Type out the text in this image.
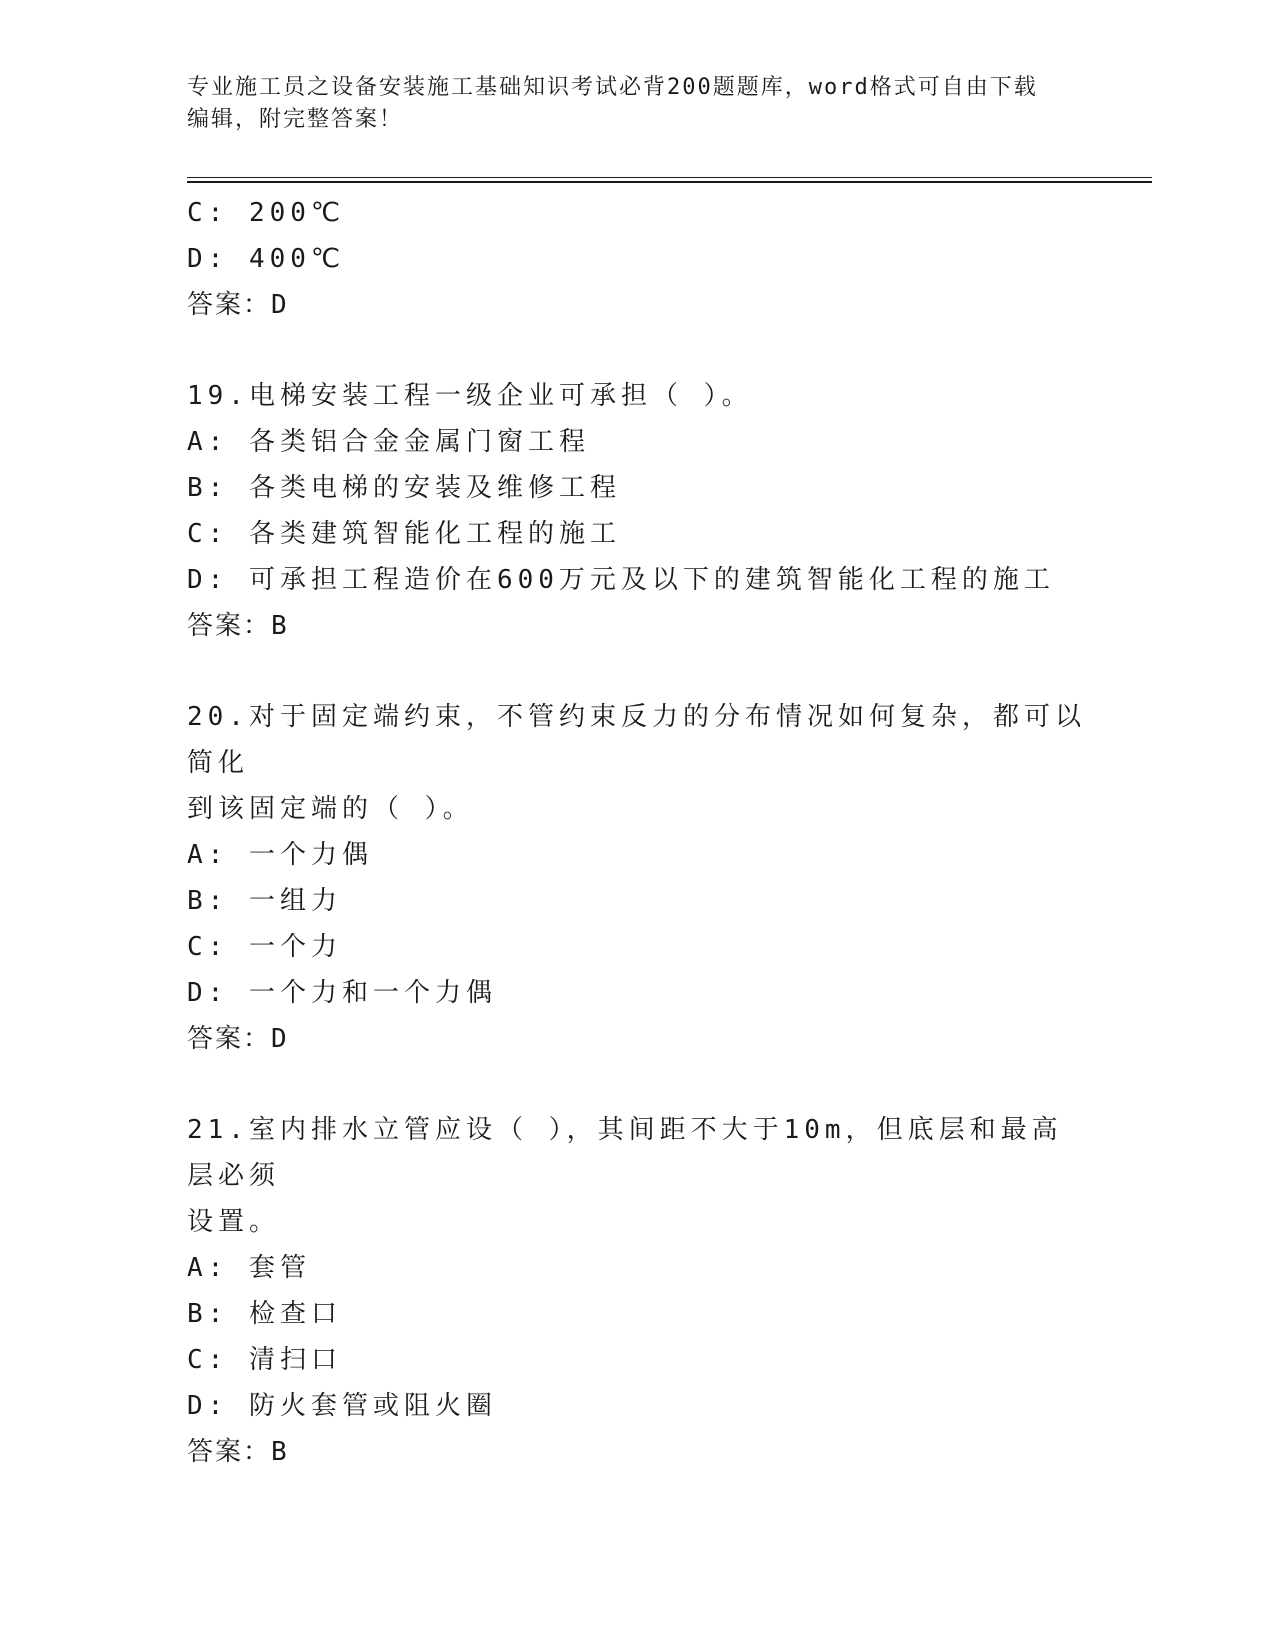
专业施工员之设备安装施工基础知识考试必背200题题库，word格式可自由下载
编辑，附完整答案！
C: 200℃
D: 400℃
答案：D
19.电梯安装工程一级企业可承担（ ）。
A: 各类铝合金金属门窗工程
B: 各类电梯的安装及维修工程
C: 各类建筑智能化工程的施工
D: 可承担工程造价在600万元及以下的建筑智能化工程的施工
答案：B
20.对于固定端约束，不管约束反力的分布情况如何复杂，都可以简化
到该固定端的（ ）。
A: 一个力偶
B: 一组力
C: 一个力
D: 一个力和一个力偶
答案：D
21.室内排水立管应设（ ），其间距不大于10m，但底层和最高层必须
设置。
A: 套管
B: 检查口
C: 清扫口
D: 防火套管或阻火圈
答案：B
